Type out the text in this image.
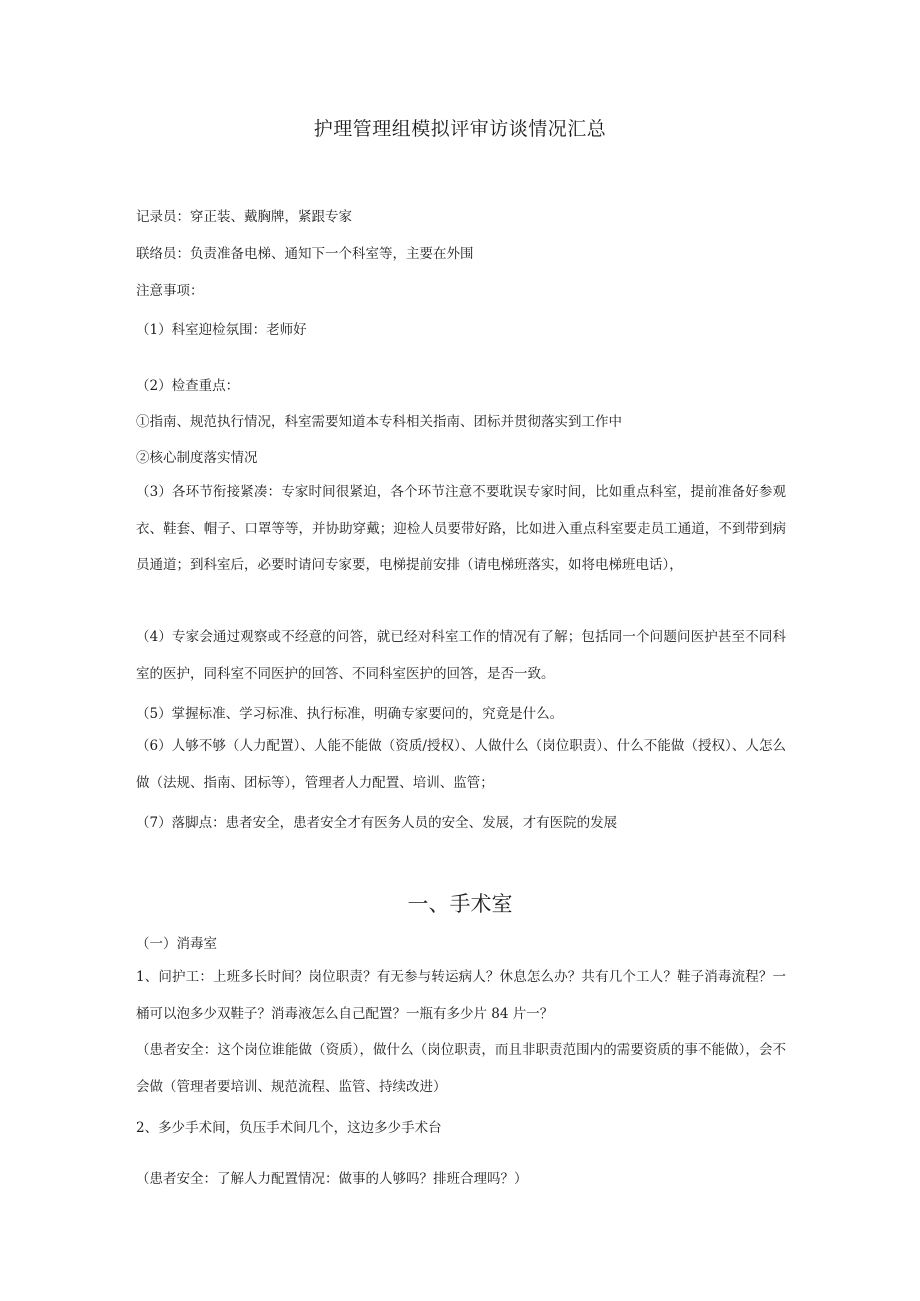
护理管理组模拟评审访谈情况汇总
记录员：穿正装、戴胸牌，紧跟专家
联络员：负责准备电梯、通知下一个科室等，主要在外围
注意事项：
（1）科室迎检氛围：老师好
（2）检查重点：
①指南、规范执行情况，科室需要知道本专科相关指南、团标并贯彻落实到工作中
②核心制度落实情况
（3）各环节衔接紧凑：专家时间很紧迫，各个环节注意不要耽误专家时间，比如重点科室，提前准备好参观衣、鞋套、帽子、口罩等等，并协助穿戴；迎检人员要带好路，比如进入重点科室要走员工通道，不到带到病员通道；到科室后，必要时请问专家要，电梯提前安排（请电梯班落实，如将电梯班电话），
（4）专家会通过观察或不经意的问答，就已经对科室工作的情况有了解；包括同一个问题问医护甚至不同科室的医护，同科室不同医护的回答、不同科室医护的回答，是否一致。
（5）掌握标准、学习标准、执行标准，明确专家要问的，究竟是什么。
（6）人够不够（人力配置）、人能不能做（资质/授权）、人做什么（岗位职责）、什么不能做（授权）、人怎么做（法规、指南、团标等），管理者人力配置、培训、监管；
（7）落脚点：患者安全，患者安全才有医务人员的安全、发展，才有医院的发展
一、手术室
（一）消毒室
1、问护工：上班多长时间？岗位职责？有无参与转运病人？休息怎么办？共有几个工人？鞋子消毒流程？一桶可以泡多少双鞋子？消毒液怎么自己配置？一瓶有多少片 84 片一？
（患者安全：这个岗位谁能做（资质），做什么（岗位职责，而且非职责范围内的需要资质的事不能做），会不会做（管理者要培训、规范流程、监管、持续改进）
2、多少手术间，负压手术间几个，这边多少手术台
（患者安全：了解人力配置情况：做事的人够吗？排班合理吗？）
